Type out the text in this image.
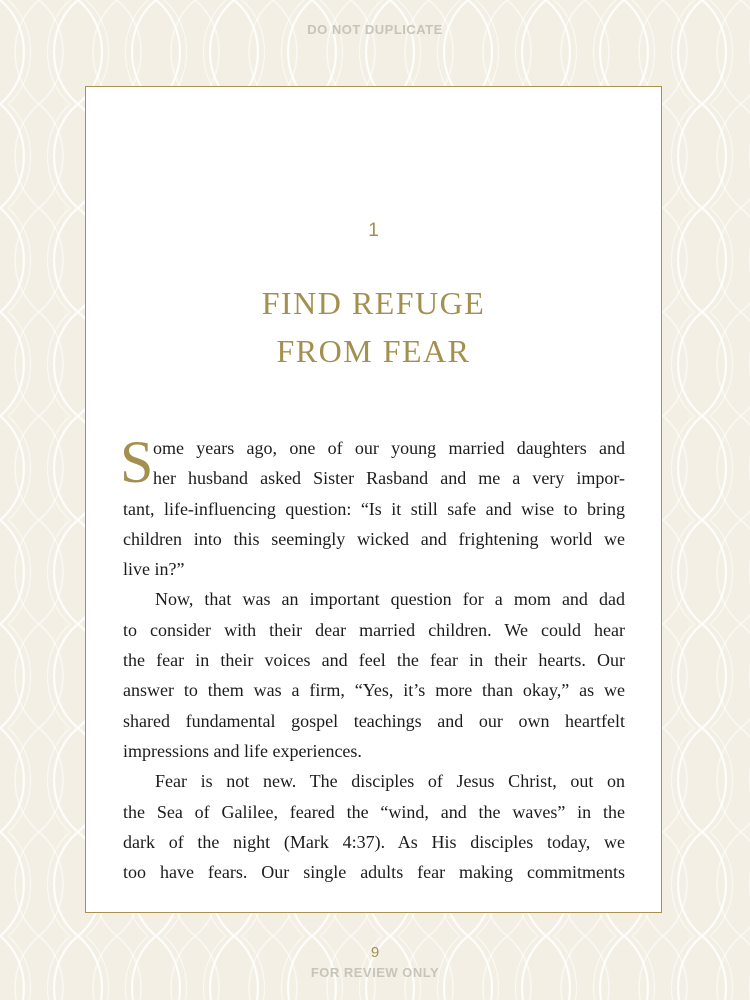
DO NOT DUPLICATE
1
FIND REFUGE
FROM FEAR
S ome years ago, one of our young married daughters and
her husband asked Sister Rasband and me a very impor-
tant, life-influencing question: “Is it still safe and wise to bring
children into this seemingly wicked and frightening world we
live in?”
Now, that was an important question for a mom and dad
to consider with their dear married children. We could hear
the fear in their voices and feel the fear in their hearts. Our
answer to them was a firm, “Yes, it’s more than okay,” as we
shared fundamental gospel teachings and our own heartfelt
impressions and life experiences.
Fear is not new. The disciples of Jesus Christ, out on
the Sea of Galilee, feared the “wind, and the waves” in the
dark of the night (Mark 4:37). As His disciples today, we
too have fears. Our single adults fear making commitments
9
FOR REVIEW ONLY
